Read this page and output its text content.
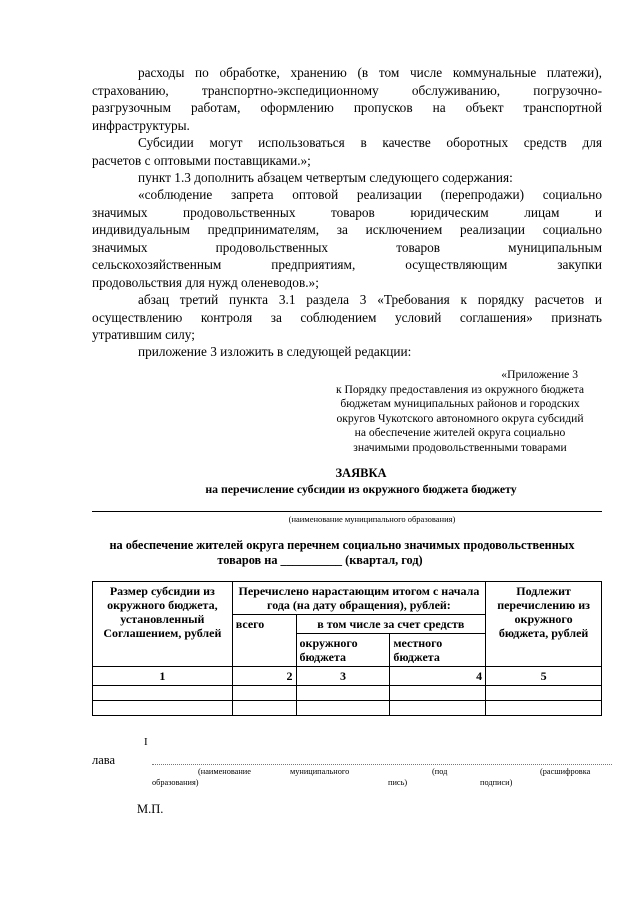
расходы по обработке, хранению (в том числе коммунальные платежи),
страхованию, транспортно-экспедиционному обслуживанию, погрузочно-
разгрузочным работам, оформлению пропусков на объект транспортной
инфраструктуры.

Субсидии могут использоваться в качестве оборотных средств для
расчетов с оптовыми поставщиками.»;

пункт 1.3 дополнить абзацем четвертым следующего содержания:

«соблюдение запрета оптовой реализации (перепродажи) социально
значимых продовольственных товаров юридическим лицам и
индивидуальным предпринимателям, за исключением реализации социально
значимых продовольственных товаров муниципальным
сельскохозяйственным предприятиям, осуществляющим закупки
продовольствия для нужд оленеводов.»;

абзац третий пункта 3.1 раздела 3 «Требования к порядку расчетов и
осуществлению контроля за соблюдением условий соглашения» признать
утратившим силу;

приложение 3 изложить в следующей редакции:

«Приложение 3
к Порядку предоставления из окружного бюджета
бюджетам муниципальных районов и городских
округов Чукотского автономного округа субсидий
на обеспечение жителей округа социально
значимыми продовольственными товарами

ЗАЯВКА

на перечисление субсидии из окружного бюджета бюджету

(наименование муниципального образования)

на обеспечение жителей округа перечнем социально значимых продовольственных

товаров на __________ (квартал, год)

Размер субсидии из окружного бюджета, установленный Соглашением, рублей	Перечислено нарастающим итогом с начала года (на дату обращения), рублей:			Подлежит перечислению из окружного бюджета, рублей
	всего	в том числе за счет средств		
		окружного бюджета	местного бюджета	
1	2	3	4	5

I
лава
(наименование	муниципального	(под	(расшифровка
образования)	пись)	подписи)
М.П.
